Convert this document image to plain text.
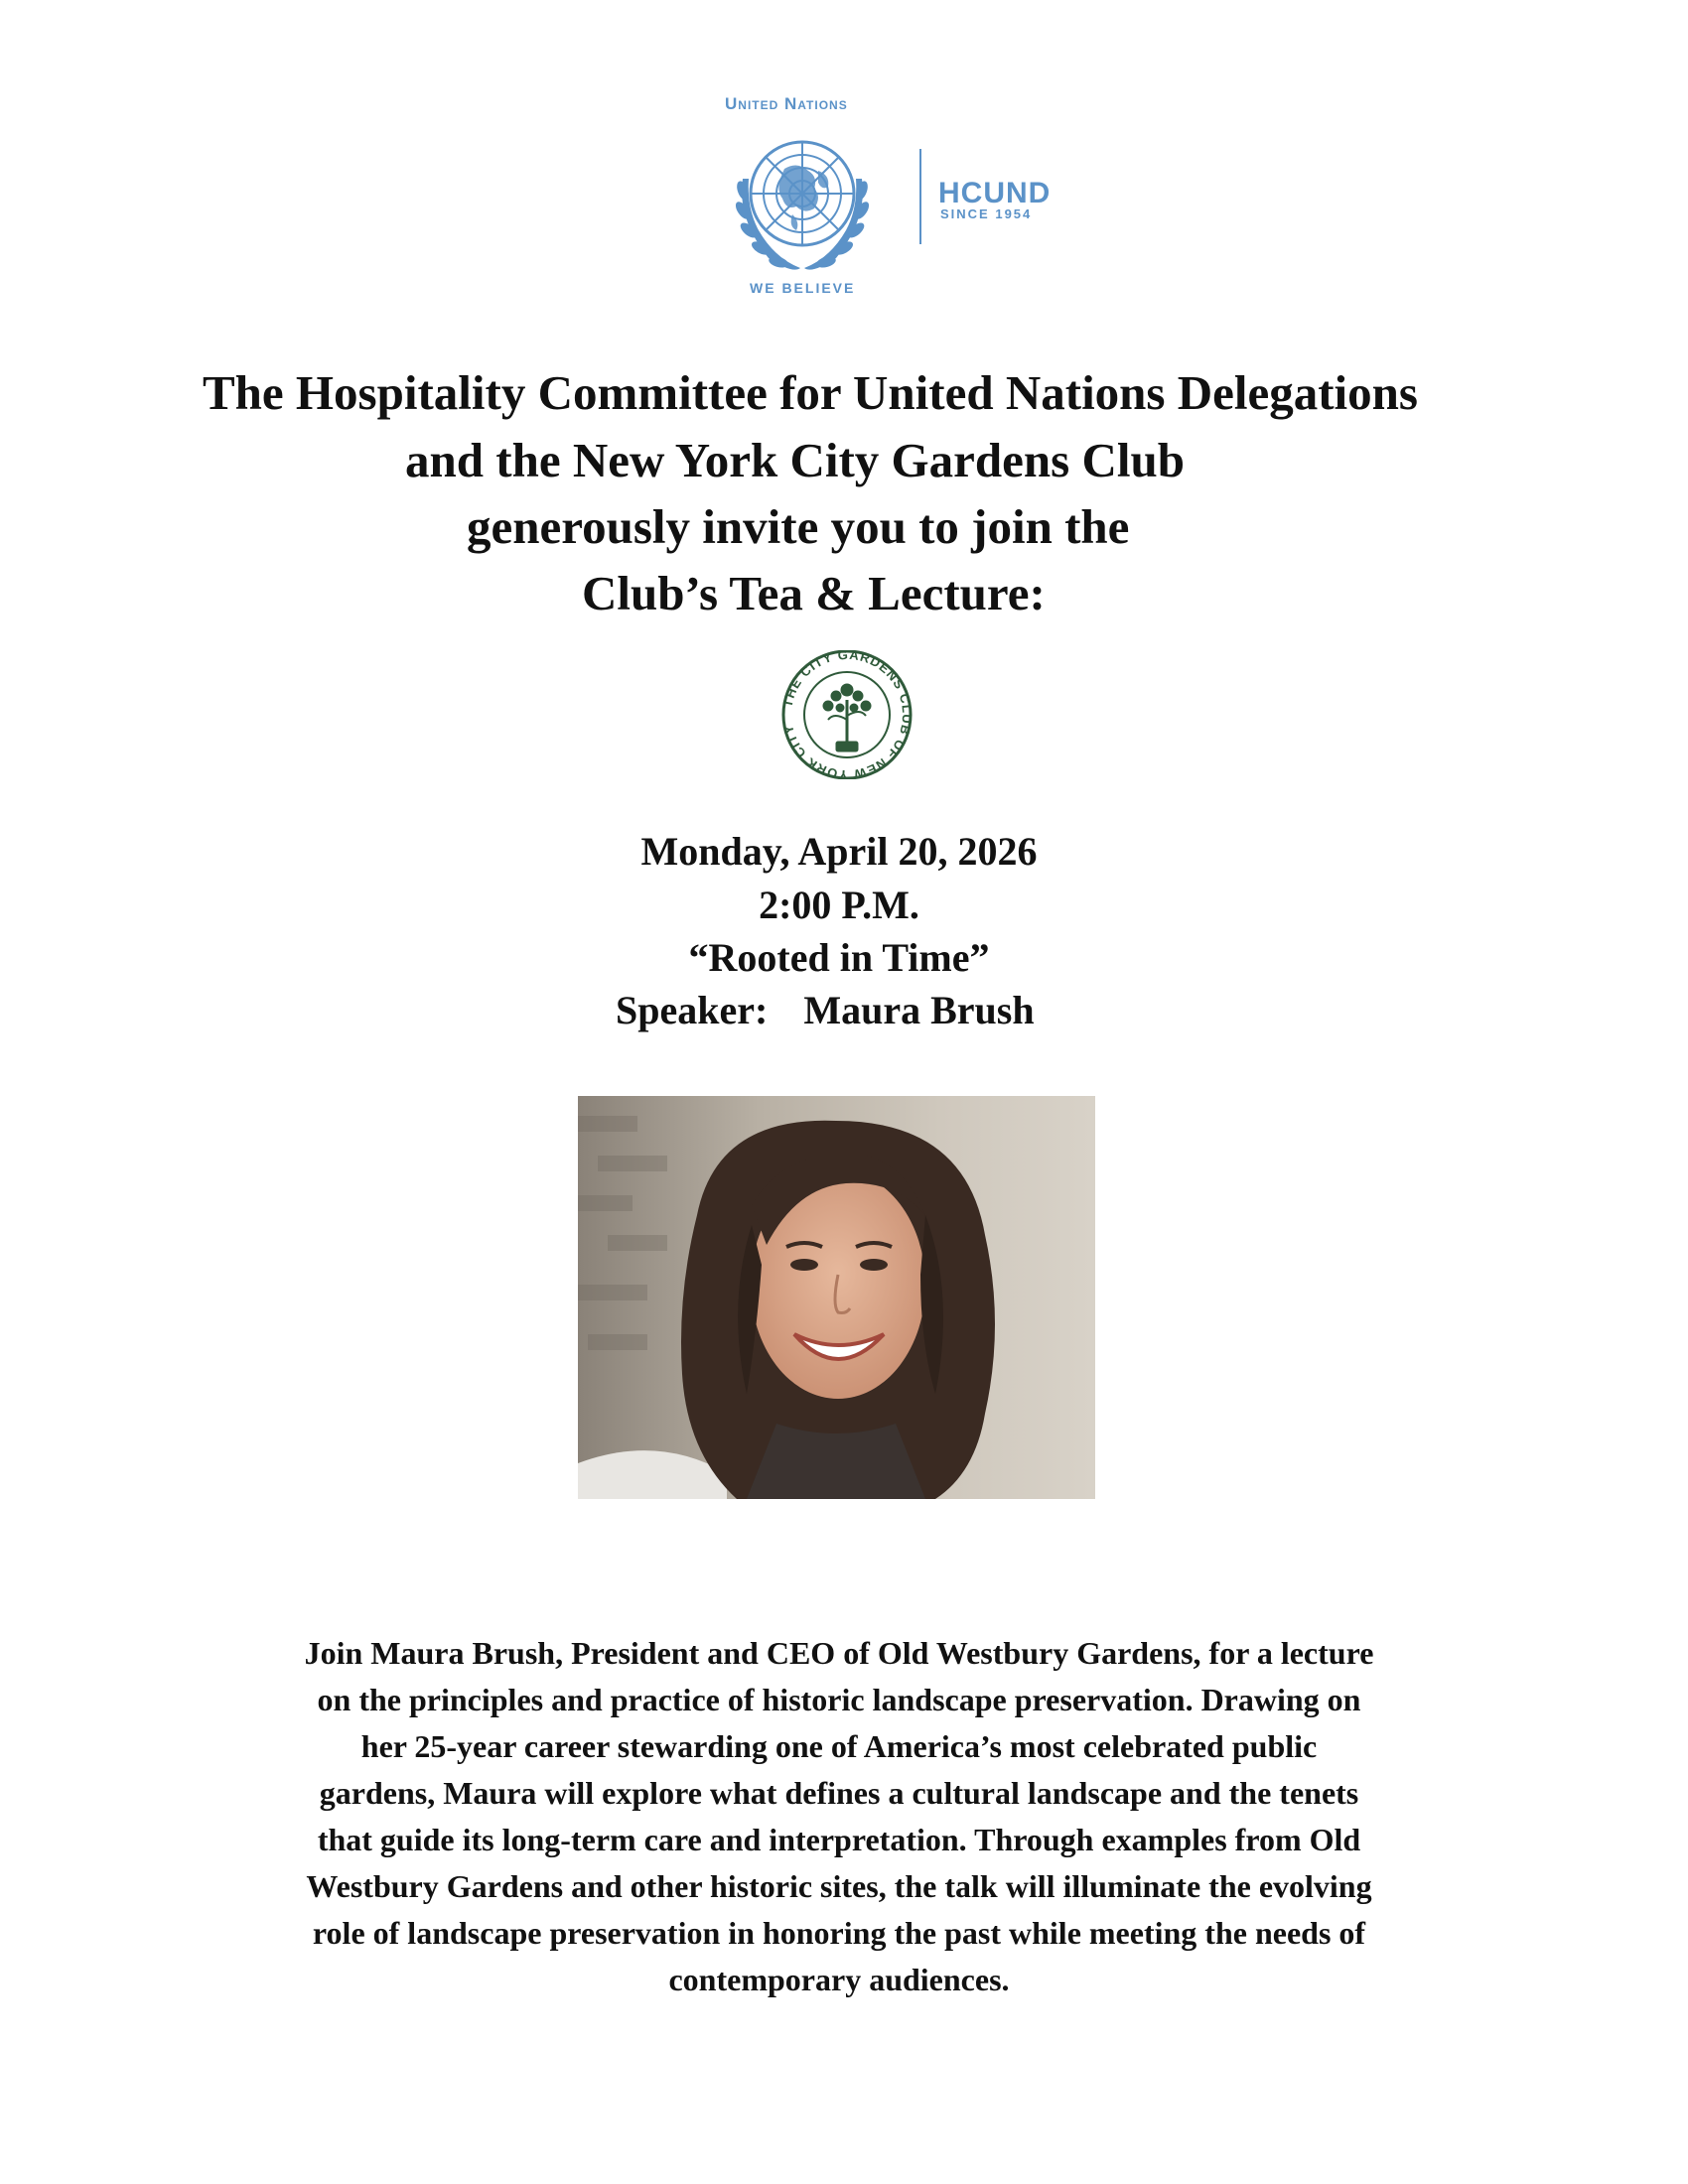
United Nations
HCUND
SINCE 1954
WE BELIEVE
The Hospitality Committee for United Nations Delegations
and the New York City Gardens Club
generously invite you to join the
Club’s Tea & Lecture:
THE CITY GARDENS CLUB OF NEW YORK CITY
Monday, April 20, 2026
2:00 P.M.
“Rooted in Time”
Speaker: Maura Brush
Join Maura Brush, President and CEO of Old Westbury Gardens, for a lecture
on the principles and practice of historic landscape preservation. Drawing on
her 25-year career stewarding one of America’s most celebrated public
gardens, Maura will explore what defines a cultural landscape and the tenets
that guide its long-term care and interpretation. Through examples from Old
Westbury Gardens and other historic sites, the talk will illuminate the evolving
role of landscape preservation in honoring the past while meeting the needs of
contemporary audiences.
